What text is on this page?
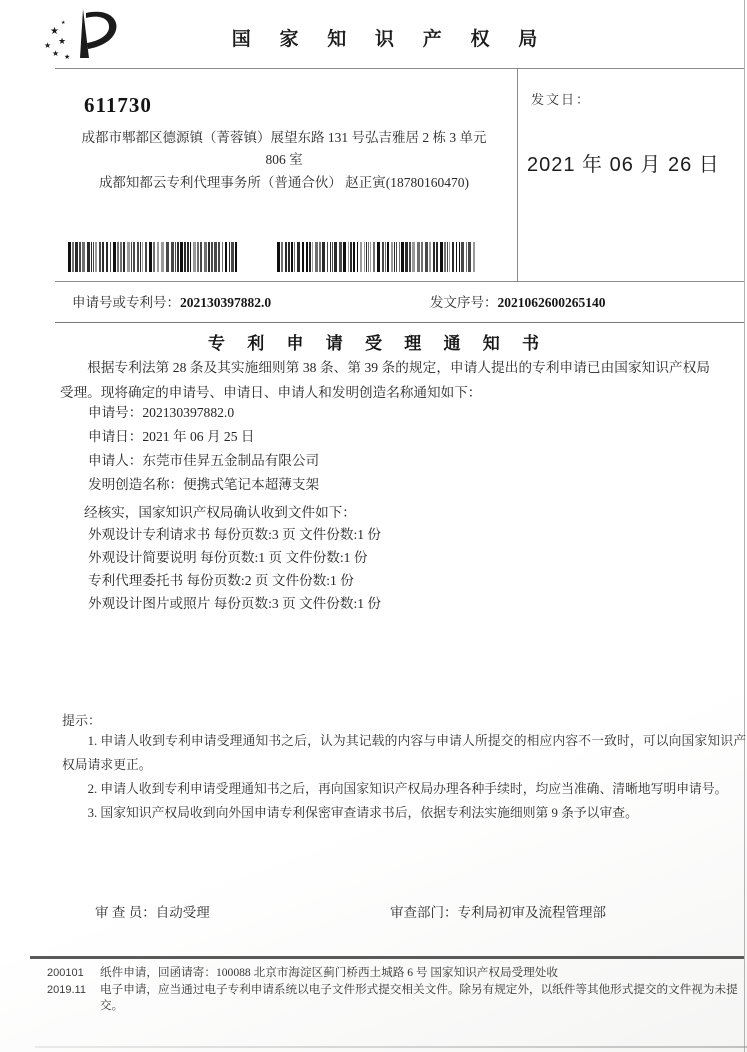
★
★
★
★ ★
★
国 家 知 识 产 权 局
发文日：
2021 年 06 月 26 日
611730
成都市郫都区德源镇（菁蓉镇）展望东路 131 号弘吉雅居 2 栋 3 单元
806 室
成都知都云专利代理事务所（普通合伙） 赵正寅(18780160470)
申请号或专利号：202130397882.0	发文序号：2021062600265140
专 利 申 请 受 理 通 知 书
根据专利法第 28 条及其实施细则第 38 条、第 39 条的规定，申请人提出的专利申请已由国家知识产权局受理。现将确定的申请号、申请日、申请人和发明创造名称通知如下：
申请号：202130397882.0
申请日：2021 年 06 月 25 日
申请人：东莞市佳昇五金制品有限公司
发明创造名称：便携式笔记本超薄支架
经核实，国家知识产权局确认收到文件如下：
外观设计专利请求书 每份页数:3 页 文件份数:1 份
外观设计简要说明 每份页数:1 页 文件份数:1 份
专利代理委托书 每份页数:2 页 文件份数:1 份
外观设计图片或照片 每份页数:3 页 文件份数:1 份
提示：

1. 申请人收到专利申请受理通知书之后，认为其记载的内容与申请人所提交的相应内容不一致时，可以向国家知识产权局请求更正。

2. 申请人收到专利申请受理通知书之后，再向国家知识产权局办理各种手续时，均应当准确、清晰地写明申请号。

3. 国家知识产权局收到向外国申请专利保密审查请求书后，依据专利法实施细则第 9 条予以审查。

审 查 员：自动受理	审查部门：专利局初审及流程管理部
200101
2019.11

纸件申请，回函请寄：100088 北京市海淀区蓟门桥西土城路 6 号 国家知识产权局受理处收

电子申请，应当通过电子专利申请系统以电子文件形式提交相关文件。除另有规定外，以纸件等其他形式提交的文件视为未提交。
